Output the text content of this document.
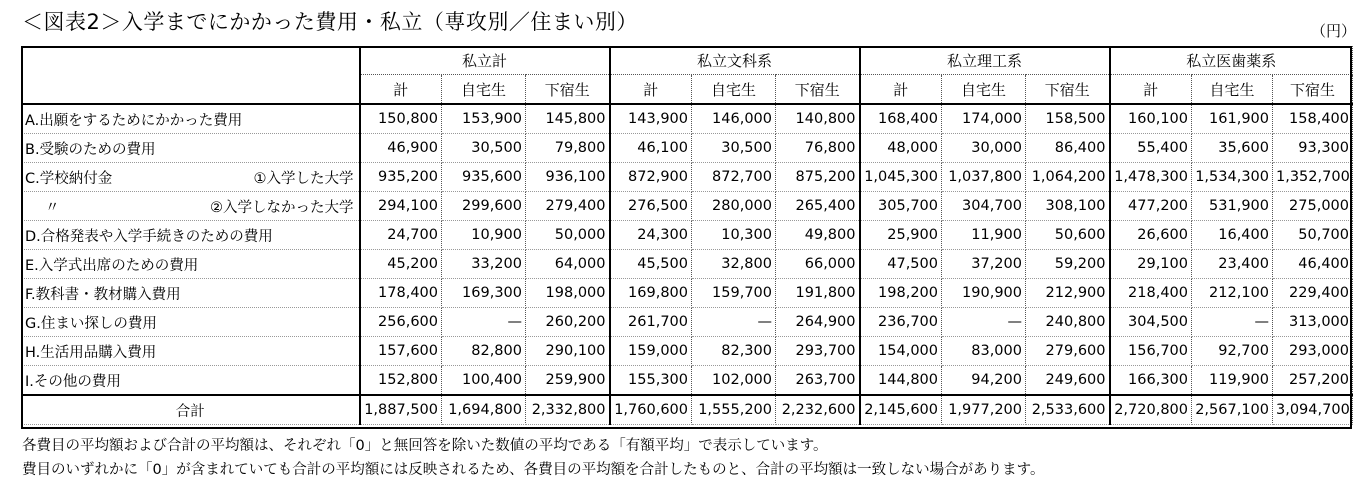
＜図表2＞入学までにかかった費用・私立（専攻別／住まい別）	（円）
	私立計			私立文科系			私立理工系			私立医歯薬系		
	計	自宅生	下宿生	計	自宅生	下宿生	計	自宅生	下宿生	計	自宅生	下宿生

A.出願をするためにかかった費用	150,800	153,900	145,800	143,900	146,000	140,800	168,400	174,000	158,500	160,100	161,900	158,400

B.受験のための費用	46,900	30,500	79,800	46,100	30,500	76,800	48,000	30,000	86,400	55,400	35,600	93,300

C.学校納付金 ①入学した大学	935,200	935,600	936,100	872,900	872,700	875,200	1,045,300	1,037,800	1,064,200	1,478,300	1,534,300	1,352,700

〃 ②入学しなかった大学	294,100	299,600	279,400	276,500	280,000	265,400	305,700	304,700	308,100	477,200	531,900	275,000

D.合格発表や入学手続きのための費用	24,700	10,900	50,000	24,300	10,300	49,800	25,900	11,900	50,600	26,600	16,400	50,700

E.入学式出席のための費用	45,200	33,200	64,000	45,500	32,800	66,000	47,500	37,200	59,200	29,100	23,400	46,400

F.教科書・教材購入費用	178,400	169,300	198,000	169,800	159,700	191,800	198,200	190,900	212,900	218,400	212,100	229,400

G.住まい探しの費用	256,600	—	260,200	261,700	—	264,900	236,700	—	240,800	304,500	—	313,000

H.生活用品購入費用	157,600	82,800	290,100	159,000	82,300	293,700	154,000	83,000	279,600	156,700	92,700	293,000

I.その他の費用	152,800	100,400	259,900	155,300	102,000	263,700	144,800	94,200	249,600	166,300	119,900	257,200
合計	1,887,500	1,694,800	2,332,800	1,760,600	1,555,200	2,232,600	2,145,600	1,977,200	2,533,600	2,720,800	2,567,100	3,094,700
各費目の平均額および合計の平均額は、それぞれ「0」と無回答を除いた数値の平均である「有額平均」で表示しています。
費目のいずれかに「0」が含まれていても合計の平均額には反映されるため、各費目の平均額を合計したものと、合計の平均額は一致しない場合があります。
